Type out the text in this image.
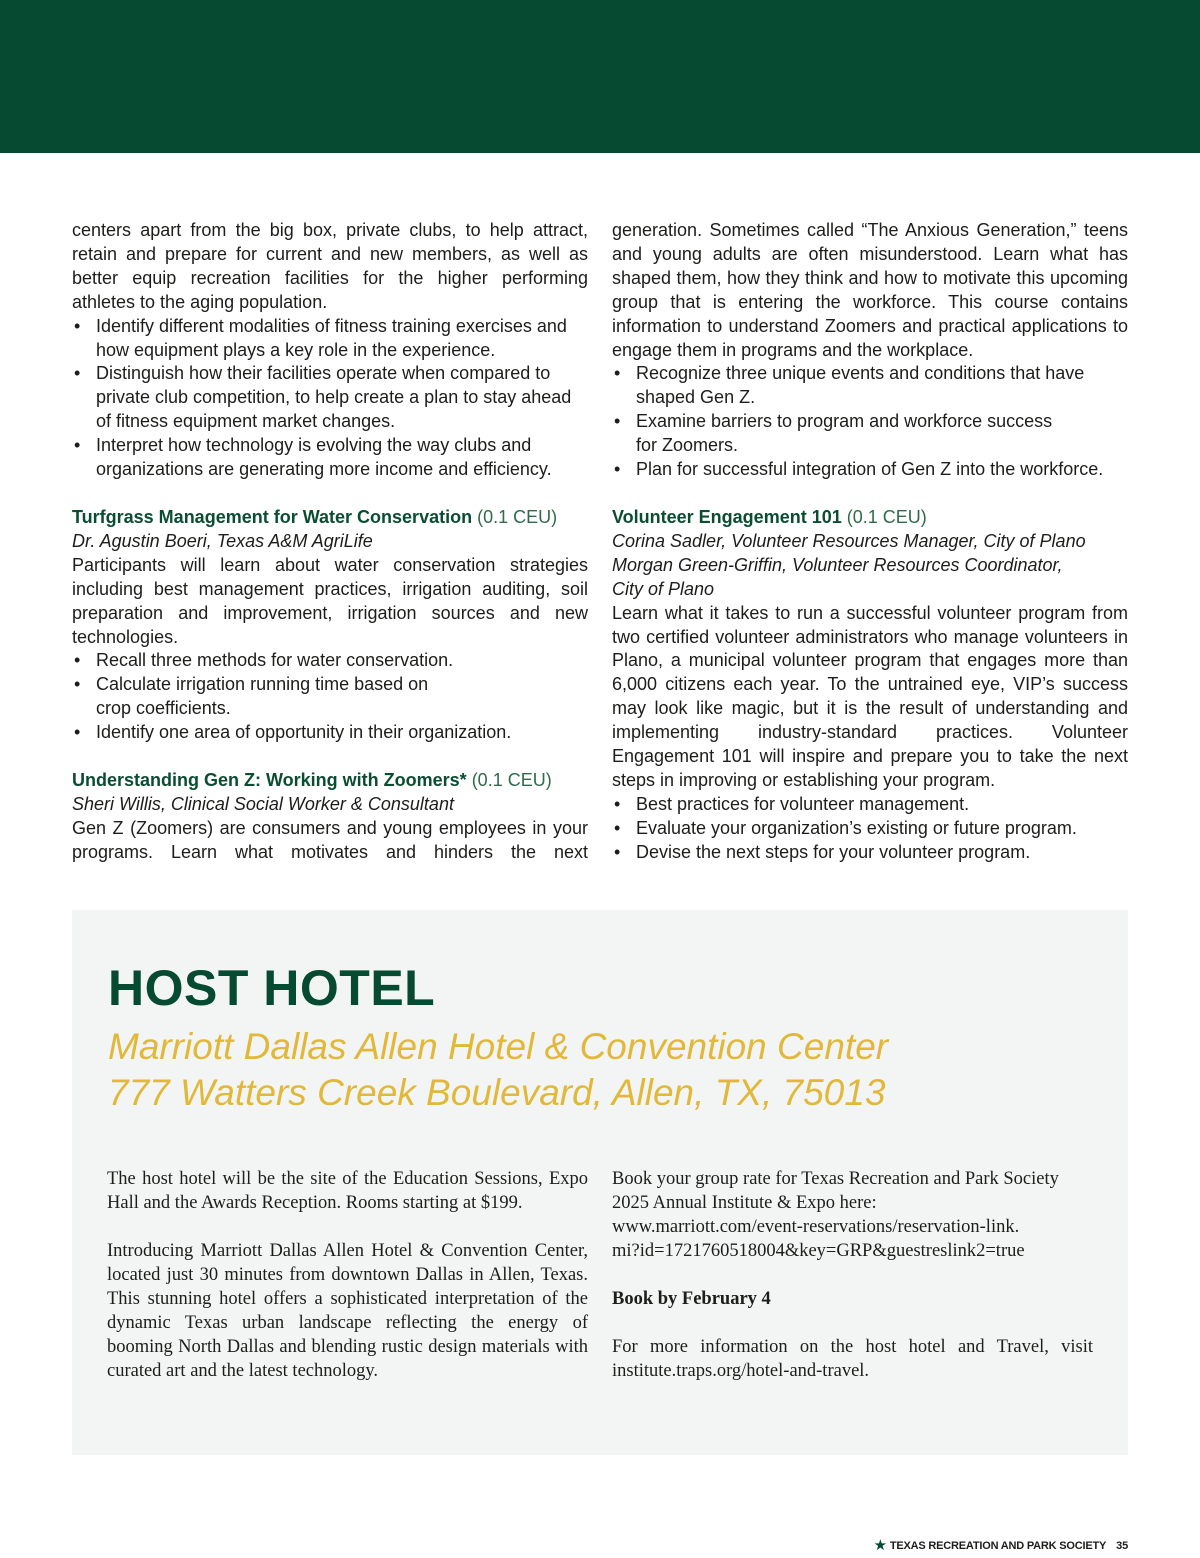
centers apart from the big box, private clubs, to help attract, retain and prepare for current and new members, as well as better equip recreation facilities for the higher performing athletes to the aging population.

• Identify different modalities of fitness training exercises and how equipment plays a key role in the experience.
• Distinguish how their facilities operate when compared to private club competition, to help create a plan to stay ahead of fitness equipment market changes.
• Interpret how technology is evolving the way clubs and organizations are generating more income and efficiency.

Turfgrass Management for Water Conservation (0.1 CEU)

Dr. Agustin Boeri, Texas A&M AgriLife

Participants will learn about water conservation strategies including best management practices, irrigation auditing, soil preparation and improvement, irrigation sources and new technologies.

• Recall three methods for water conservation.
• Calculate irrigation running time based on
crop coefficients.
• Identify one area of opportunity in their organization.

Understanding Gen Z: Working with Zoomers* (0.1 CEU)

Sheri Willis, Clinical Social Worker & Consultant

Gen Z (Zoomers) are consumers and young employees in your programs. Learn what motivates and hinders the next

generation. Sometimes called “The Anxious Generation,” teens and young adults are often misunderstood. Learn what has shaped them, how they think and how to motivate this upcoming group that is entering the workforce. This course contains information to understand Zoomers and practical applications to engage them in programs and the workplace.

• Recognize three unique events and conditions that have
shaped Gen Z.
• Examine barriers to program and workforce success
for Zoomers.
• Plan for successful integration of Gen Z into the workforce.

Volunteer Engagement 101 (0.1 CEU)

Corina Sadler, Volunteer Resources Manager, City of Plano

Morgan Green-Griffin, Volunteer Resources Coordinator,
City of Plano

Learn what it takes to run a successful volunteer program from two certified volunteer administrators who manage volunteers in Plano, a municipal volunteer program that engages more than 6,000 citizens each year. To the untrained eye, VIP’s success may look like magic, but it is the result of understanding and implementing industry-standard practices. Volunteer Engagement 101 will inspire and prepare you to take the next steps in improving or establishing your program.

• Best practices for volunteer management.
• Evaluate your organization’s existing or future program.
• Devise the next steps for your volunteer program.
HOST HOTEL
Marriott Dallas Allen Hotel & Convention Center
777 Watters Creek Boulevard, Allen, TX, 75013

The host hotel will be the site of the Education Sessions, Expo Hall and the Awards Reception. Rooms starting at $199.

Introducing Marriott Dallas Allen Hotel & Convention Center, located just 30 minutes from downtown Dallas in Allen, Texas. This stunning hotel offers a sophisticated interpretation of the dynamic Texas urban landscape reflecting the energy of booming North Dallas and blending rustic design materials with curated art and the latest technology.

Book your group rate for Texas Recreation and Park Society 2025 Annual Institute & Expo here:
www.marriott.com/event-reservations/reservation-link.
mi?id=1721760518004&key=GRP&guestreslink2=true

Book by February 4

For more information on the host hotel and Travel, visit institute.traps.org/hotel-and-travel.

★ TEXAS RECREATION AND PARK SOCIETY 35
